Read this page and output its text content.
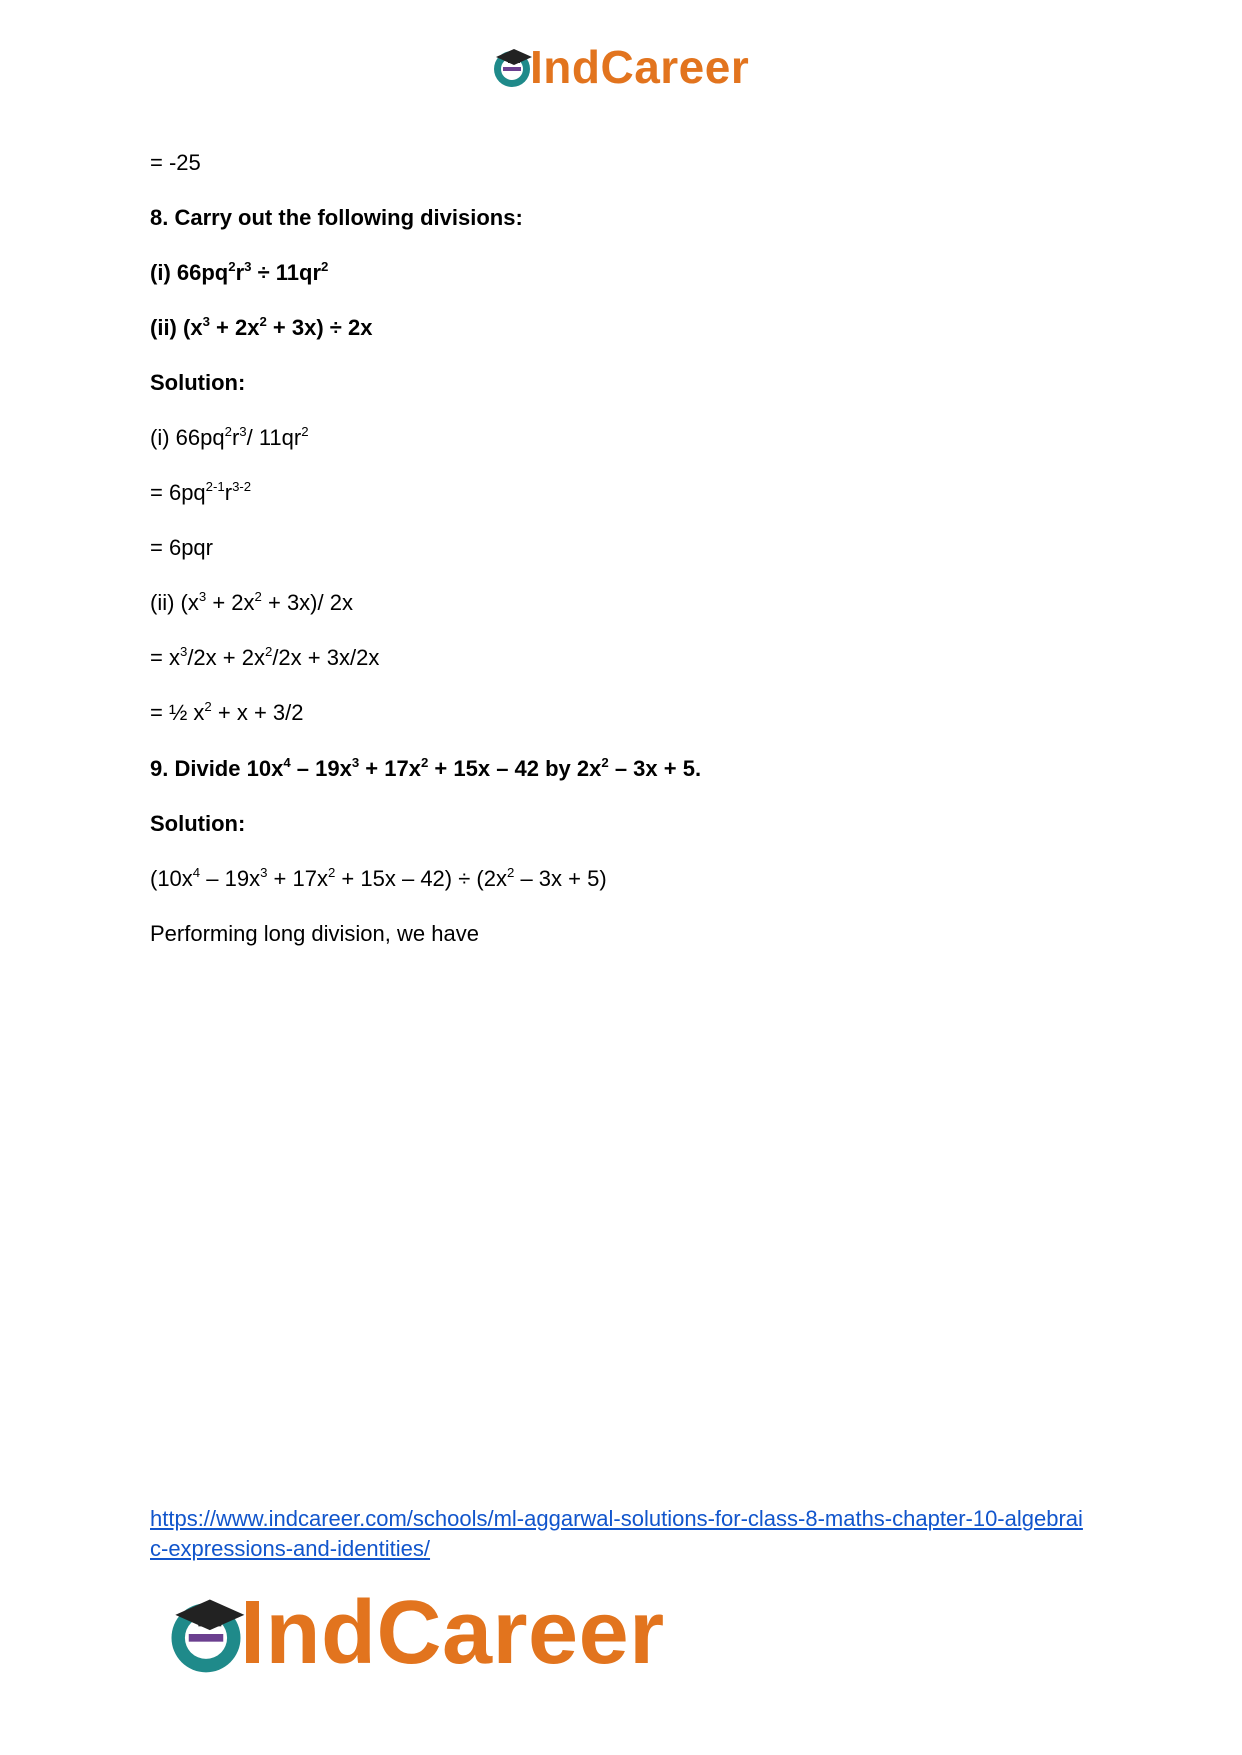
IndCareer
= -25
8. Carry out the following divisions:
(i) $66pq^2r^3 \div 11qr^2$
(ii) $(x^3 + 2x^2 + 3x) \div 2x$
Solution:
(i) $66pq^2r^3/$ $11qr^2$
= $6pq^{2-1}r^{3-2}$
= 6pqr
(ii) $(x^3 + 2x^2 + 3x)/$ 2x
= $x^3/2x + 2x^2/2x + 3x/2x$
= ½ $x^2 + x + 3/2$
9. Divide $10x^4 - 19x^3 + 17x^2 + 15x - 42$ by $2x^2 - 3x + 5$.
Solution:
$(10x^4 - 19x^3 + 17x^2 + 15x - 42) \div (2x^2 - 3x + 5)$
Performing long division, we have
https://www.indcareer.com/schools/ml-aggarwal-solutions-for-class-8-maths-chapter-10-algebraic-expressions-and-identities/
IndCareer
